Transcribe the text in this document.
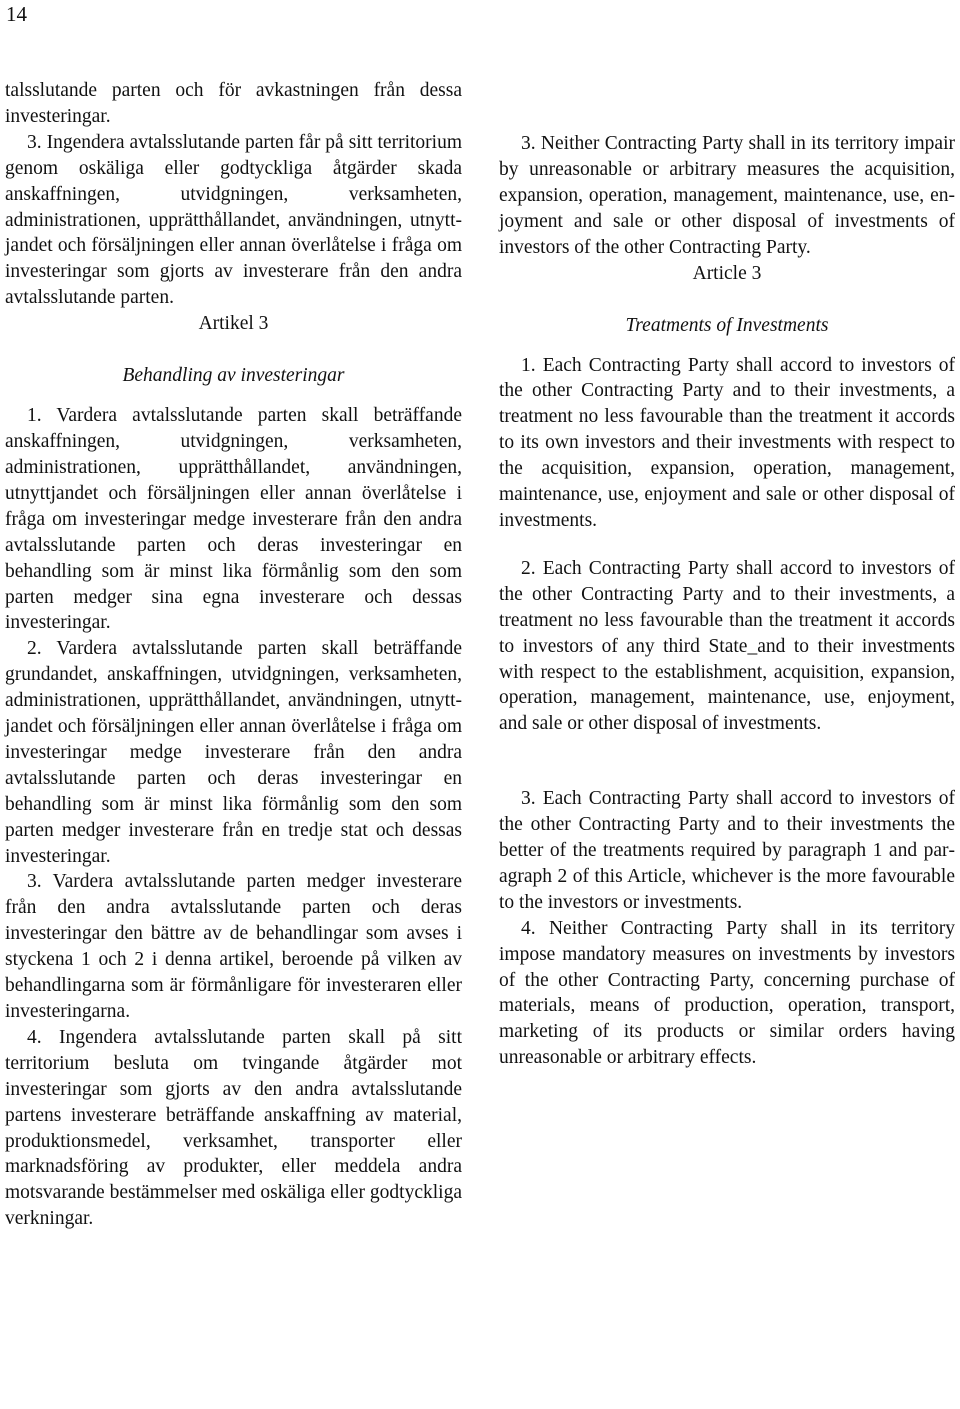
14

talsslutande parten och för avkastningen från dessa investeringar.

3. Ingendera avtalsslutande parten får på sitt territorium genom oskäliga eller godtyckliga åtgärder skada anskaffningen, utvidgningen, verksamheten, administrationen, upprätthållandet, användningen, utnyttjandet och försäljningen eller annan överlåtelse i fråga om investeringar som gjorts av investerare från den andra avtalsslutande parten.

Artikel 3
Behandling av investeringar

1. Vardera avtalsslutande parten skall beträffande anskaffningen, utvidgningen, verksamheten, administrationen, upprätthållandet, användningen, utnyttjandet och försäljningen eller annan överlåtelse i fråga om investeringar medge investerare från den andra avtalsslutande parten och deras investeringar en behandling som är minst lika förmånlig som den som parten medger sina egna investerare och dessas investeringar.

2. Vardera avtalsslutande parten skall beträffande grundandet, anskaffningen, utvidgningen, verksamheten, administrationen, upprätthållandet, användningen, utnyttjandet och försäljningen eller annan överlåtelse i fråga om investeringar medge investerare från den andra avtalsslutande parten och deras investeringar en behandling som är minst lika förmånlig som den som parten medger investerare från en tredje stat och dessas investeringar.

3. Vardera avtalsslutande parten medger investerare från den andra avtalsslutande parten och deras investeringar den bättre av de behandlingar som avses i styckena 1 och 2 i denna artikel, beroende på vilken av behandlingarna som är förmånligare för investeraren eller investeringarna.

4. Ingendera avtalsslutande parten skall på sitt territorium besluta om tvingande åtgärder mot investeringar som gjorts av den andra avtalsslutande partens investerare beträffande anskaffning av material, produktionsmedel, verksamhet, transporter eller marknadsföring av produkter, eller meddela andra motsvarande bestämmelser med oskäliga eller godtyckliga verkningar.

3. Neither Contracting Party shall in its territory impair by unreasonable or arbitrary measures the acquisition, expansion, operation, management, maintenance, use, enjoyment and sale or other disposal of investments of investors of the other Contracting Party.

Article 3
Treatments of Investments

1. Each Contracting Party shall accord to investors of the other Contracting Party and to their investments, a treatment no less favourable than the treatment it accords to its own investors and their investments with respect to the acquisition, expansion, operation, management, maintenance, use, enjoyment and sale or other disposal of investments.

2. Each Contracting Party shall accord to investors of the other Contracting Party and to their investments, a treatment no less favourable than the treatment it accords to investors of any third State_and to their investments with respect to the establishment, acquisition, expansion, operation, management, maintenance, use, enjoyment, and sale or other disposal of investments.

3. Each Contracting Party shall accord to investors of the other Contracting Party and to their investments the better of the treatments required by paragraph 1 and paragraph 2 of this Article, whichever is the more favourable to the investors or investments.

4. Neither Contracting Party shall in its territory impose mandatory measures on investments by investors of the other Contracting Party, concerning purchase of materials, means of production, operation, transport, marketing of its products or similar orders having unreasonable or arbitrary effects.
